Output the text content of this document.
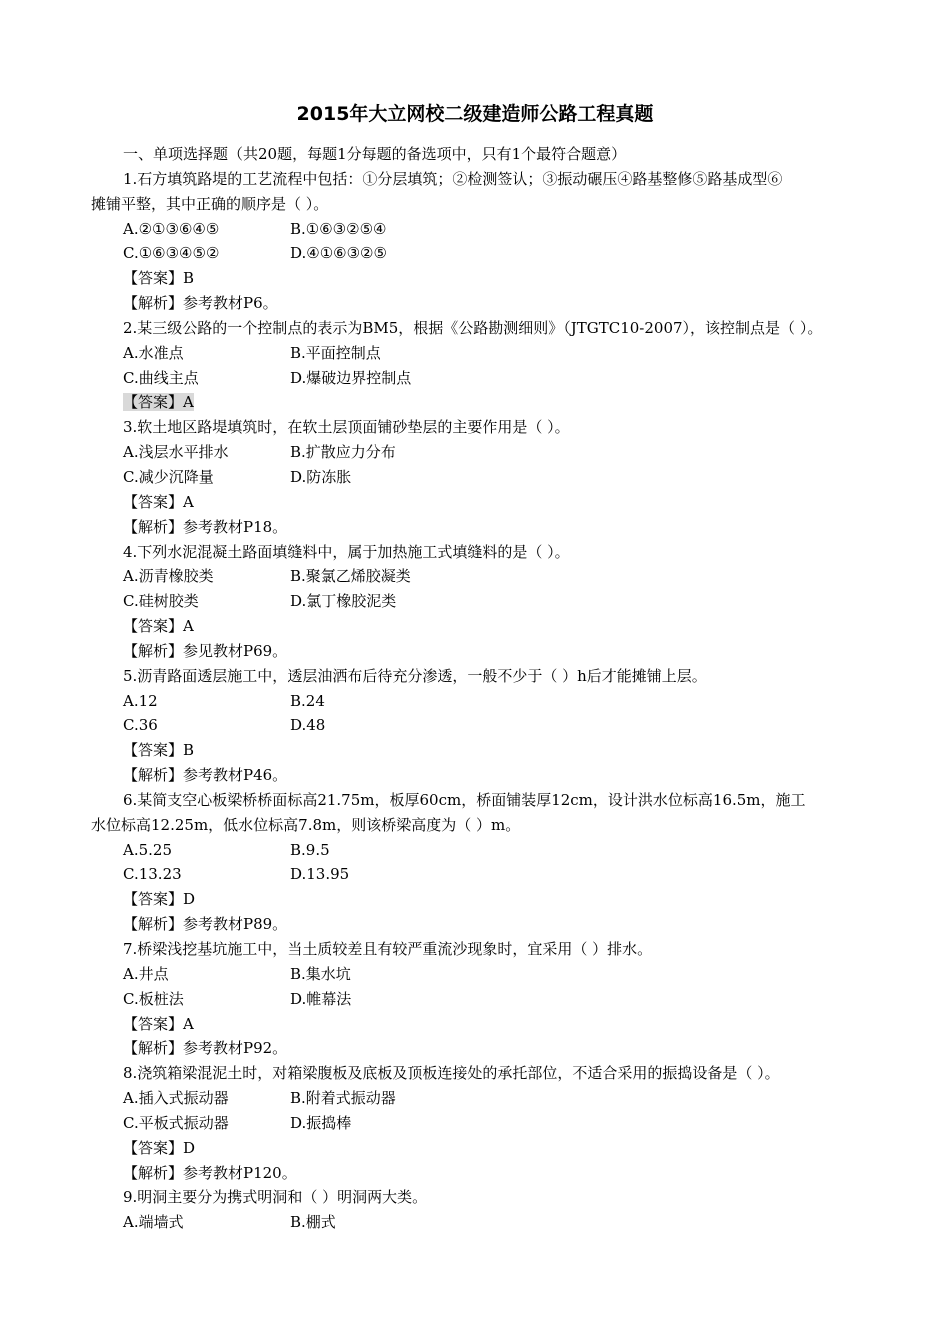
2015年大立网校二级建造师公路工程真题
一、单项选择题（共20题，每题1分每题的备选项中，只有1个最符合题意）
1.石方填筑路堤的工艺流程中包括：①分层填筑；②检测签认；③振动碾压④路基整修⑤路基成型⑥
摊铺平整，其中正确的顺序是（ ）。
A.②①③⑥④⑤	B.①⑥③②⑤④
C.①⑥③④⑤②	D.④①⑥③②⑤
【答案】B
【解析】参考教材P6。
2.某三级公路的一个控制点的表示为BM5，根据《公路勘测细则》（JTGTC10-2007），该控制点是（ ）。
A.水准点	B.平面控制点
C.曲线主点	D.爆破边界控制点
【答案】A
3.软土地区路堤填筑时，在软土层顶面铺砂垫层的主要作用是（ ）。
A.浅层水平排水	B.扩散应力分布
C.减少沉降量	D.防冻胀
【答案】A
【解析】参考教材P18。
4.下列水泥混凝土路面填缝料中，属于加热施工式填缝料的是（ ）。
A.沥青橡胶类	B.聚氯乙烯胶凝类
C.硅树胶类	D.氯丁橡胶泥类
【答案】A
【解析】参见教材P69。
5.沥青路面透层施工中，透层油洒布后待充分渗透，一般不少于（ ）h后才能摊铺上层。
A.12	B.24
C.36	D.48
【答案】B
【解析】参考教材P46。
6.某简支空心板梁桥桥面标高21.75m，板厚60cm，桥面铺装厚12cm，设计洪水位标高16.5m，施工
水位标高12.25m，低水位标高7.8m，则该桥梁高度为（ ）m。
A.5.25	B.9.5
C.13.23	D.13.95
【答案】D
【解析】参考教材P89。
7.桥梁浅挖基坑施工中，当土质较差且有较严重流沙现象时，宜采用（ ）排水。
A.井点	B.集水坑
C.板桩法	D.帷幕法
【答案】A
【解析】参考教材P92。
8.浇筑箱梁混泥土时，对箱梁腹板及底板及顶板连接处的承托部位，不适合采用的振捣设备是（ ）。
A.插入式振动器	B.附着式振动器
C.平板式振动器	D.振捣棒
【答案】D
【解析】参考教材P120。
9.明洞主要分为携式明洞和（ ）明洞两大类。
A.端墙式	B.棚式
